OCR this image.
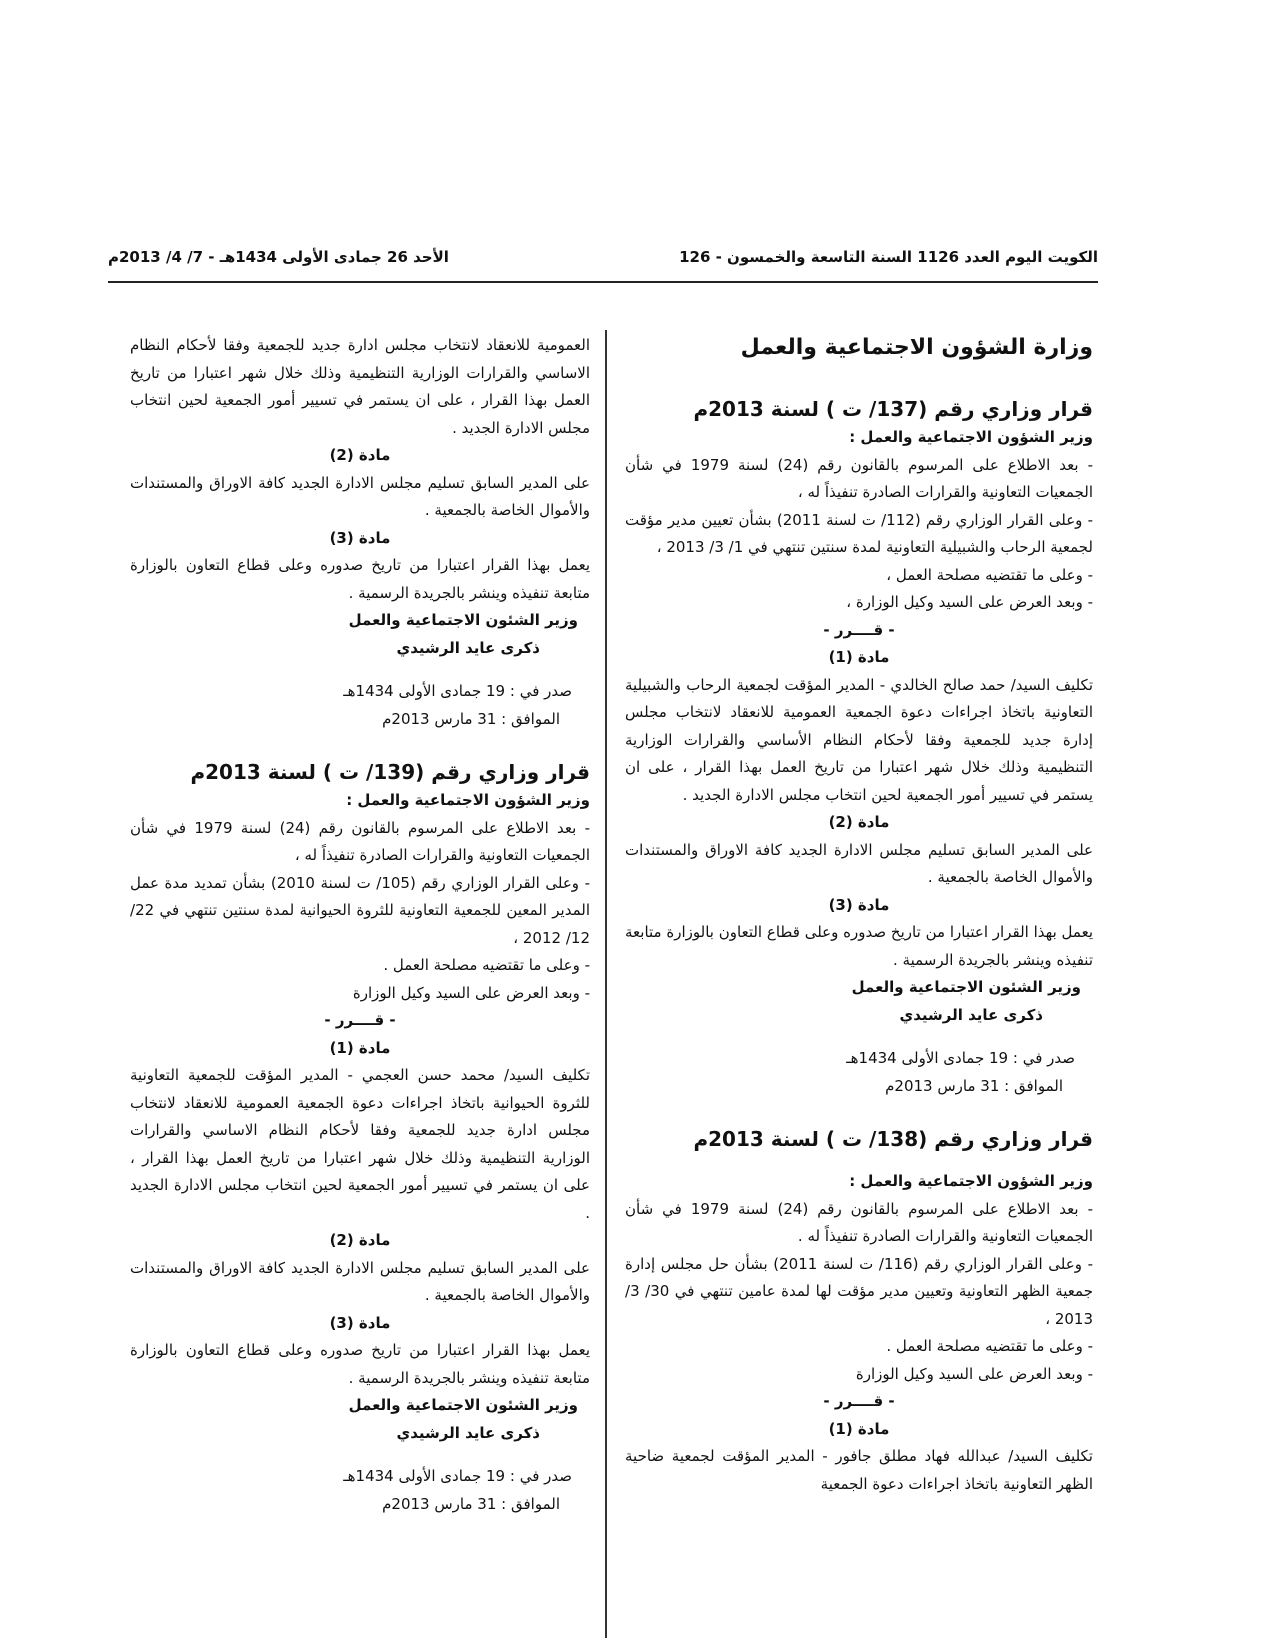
الكويت اليوم العدد 1126 السنة التاسعة والخمسون - 126
الأحد 26 جمادى الأولى 1434هـ - 7/ 4/ 2013م

وزارة الشؤون الاجتماعية والعمل

قرار وزاري رقم (137/ ت ) لسنة 2013م

وزير الشؤون الاجتماعية والعمل :

- بعد الاطلاع على المرسوم بالقانون رقم (24) لسنة 1979 في شأن الجمعيات التعاونية والقرارات الصادرة تنفيذاً له ،

- وعلى القرار الوزاري رقم (112/ ت لسنة 2011) بشأن تعيين مدير مؤقت لجمعية الرحاب والشبيلية التعاونية لمدة سنتين تنتهي في 1/ 3/ 2013 ،

- وعلى ما تقتضيه مصلحة العمل ،

- وبعد العرض على السيد وكيل الوزارة ،

- قــــرر -

مادة (1)

تكليف السيد/ حمد صالح الخالدي - المدير المؤقت لجمعية الرحاب والشبيلية التعاونية باتخاذ اجراءات دعوة الجمعية العمومية للانعقاد لانتخاب مجلس إدارة جديد للجمعية وفقا لأحكام النظام الأساسي والقرارات الوزارية التنظيمية وذلك خلال شهر اعتبارا من تاريخ العمل بهذا القرار ، على ان يستمر في تسيير أمور الجمعية لحين انتخاب مجلس الادارة الجديد .

مادة (2)

على المدير السابق تسليم مجلس الادارة الجديد كافة الاوراق والمستندات والأموال الخاصة بالجمعية .

مادة (3)

يعمل بهذا القرار اعتبارا من تاريخ صدوره وعلى قطاع التعاون بالوزارة متابعة تنفيذه وينشر بالجريدة الرسمية .

وزير الشئون الاجتماعية والعمل

ذكرى عايد الرشيدي

صدر في : 19 جمادى الأولى 1434هـ

الموافق : 31 مارس 2013م

قرار وزاري رقم (138/ ت ) لسنة 2013م

وزير الشؤون الاجتماعية والعمل :

- بعد الاطلاع على المرسوم بالقانون رقم (24) لسنة 1979 في شأن الجمعيات التعاونية والقرارات الصادرة تنفيذاً له .

- وعلى القرار الوزاري رقم (116/ ت لسنة 2011) بشأن حل مجلس إدارة جمعية الظهر التعاونية وتعيين مدير مؤقت لها لمدة عامين تنتهي في 30/ 3/ 2013 ،

- وعلى ما تقتضيه مصلحة العمل .

- وبعد العرض على السيد وكيل الوزارة

- قــــرر -

مادة (1)

تكليف السيد/ عبدالله فهاد مطلق جافور - المدير المؤقت لجمعية ضاحية الظهر التعاونية باتخاذ اجراءات دعوة الجمعية

العمومية للانعقاد لانتخاب مجلس ادارة جديد للجمعية وفقا لأحكام النظام الاساسي والقرارات الوزارية التنظيمية وذلك خلال شهر اعتبارا من تاريخ العمل بهذا القرار ، على ان يستمر في تسيير أمور الجمعية لحين انتخاب مجلس الادارة الجديد .

مادة (2)

على المدير السابق تسليم مجلس الادارة الجديد كافة الاوراق والمستندات والأموال الخاصة بالجمعية .

مادة (3)

يعمل بهذا القرار اعتبارا من تاريخ صدوره وعلى قطاع التعاون بالوزارة متابعة تنفيذه وينشر بالجريدة الرسمية .

وزير الشئون الاجتماعية والعمل

ذكرى عايد الرشيدي

صدر في : 19 جمادى الأولى 1434هـ

الموافق : 31 مارس 2013م

قرار وزاري رقم (139/ ت ) لسنة 2013م

وزير الشؤون الاجتماعية والعمل :

- بعد الاطلاع على المرسوم بالقانون رقم (24) لسنة 1979 في شأن الجمعيات التعاونية والقرارات الصادرة تنفيذاً له ،

- وعلى القرار الوزاري رقم (105/ ت لسنة 2010) بشأن تمديد مدة عمل المدير المعين للجمعية التعاونية للثروة الحيوانية لمدة سنتين تنتهي في 22/ 12/ 2012 ،

- وعلى ما تقتضيه مصلحة العمل .

- وبعد العرض على السيد وكيل الوزارة

- قــــرر -

مادة (1)

تكليف السيد/ محمد حسن العجمي - المدير المؤقت للجمعية التعاونية للثروة الحيوانية باتخاذ اجراءات دعوة الجمعية العمومية للانعقاد لانتخاب مجلس ادارة جديد للجمعية وفقا لأحكام النظام الاساسي والقرارات الوزارية التنظيمية وذلك خلال شهر اعتبارا من تاريخ العمل بهذا القرار ، على ان يستمر في تسيير أمور الجمعية لحين انتخاب مجلس الادارة الجديد .

مادة (2)

على المدير السابق تسليم مجلس الادارة الجديد كافة الاوراق والمستندات والأموال الخاصة بالجمعية .

مادة (3)

يعمل بهذا القرار اعتبارا من تاريخ صدوره وعلى قطاع التعاون بالوزارة متابعة تنفيذه وينشر بالجريدة الرسمية .

وزير الشئون الاجتماعية والعمل

ذكرى عايد الرشيدي

صدر في : 19 جمادى الأولى 1434هـ

الموافق : 31 مارس 2013م
